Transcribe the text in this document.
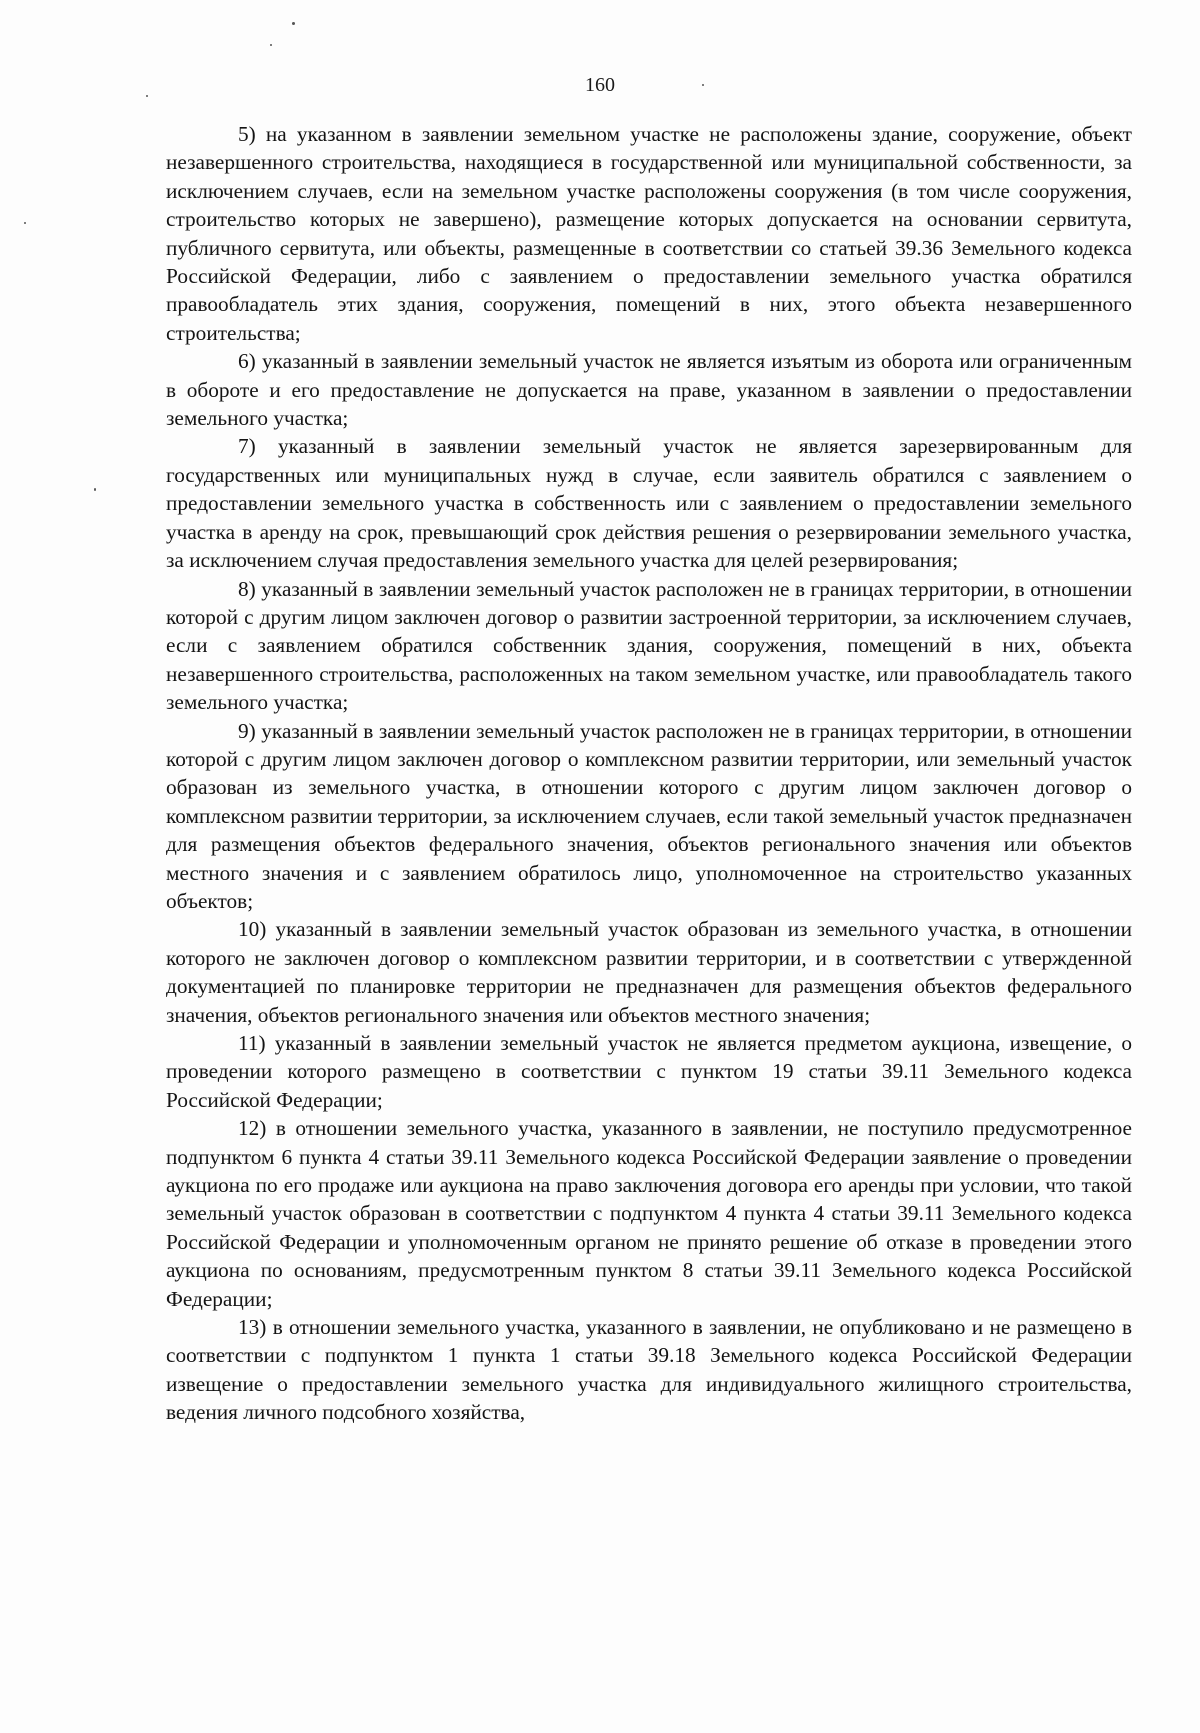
160

5) на указанном в заявлении земельном участке не расположены здание, сооружение, объект незавершенного строительства, находящиеся в государственной или муниципальной собственности, за исключением случаев, если на земельном участке расположены сооружения (в том числе сооружения, строительство которых не завершено), размещение которых допускается на основании сервитута, публичного сервитута, или объекты, размещенные в соответствии со статьей 39.36 Земельного кодекса Российской Федерации, либо с заявлением о предоставлении земельного участка обратился правообладатель этих здания, сооружения, помещений в них, этого объекта незавершенного строительства;

6) указанный в заявлении земельный участок не является изъятым из оборота или ограниченным в обороте и его предоставление не допускается на праве, указанном в заявлении о предоставлении земельного участка;

7) указанный в заявлении земельный участок не является зарезервированным для государственных или муниципальных нужд в случае, если заявитель обратился с заявлением о предоставлении земельного участка в собственность или с заявлением о предоставлении земельного участка в аренду на срок, превышающий срок действия решения о резервировании земельного участка, за исключением случая предоставления земельного участка для целей резервирования;

8) указанный в заявлении земельный участок расположен не в границах территории, в отношении которой с другим лицом заключен договор о развитии застроенной территории, за исключением случаев, если с заявлением обратился собственник здания, сооружения, помещений в них, объекта незавершенного строительства, расположенных на таком земельном участке, или правообладатель такого земельного участка;

9) указанный в заявлении земельный участок расположен не в границах территории, в отношении которой с другим лицом заключен договор о комплексном развитии территории, или земельный участок образован из земельного участка, в отношении которого с другим лицом заключен договор о комплексном развитии территории, за исключением случаев, если такой земельный участок предназначен для размещения объектов федерального значения, объектов регионального значения или объектов местного значения и с заявлением обратилось лицо, уполномоченное на строительство указанных объектов;

10) указанный в заявлении земельный участок образован из земельного участка, в отношении которого не заключен договор о комплексном развитии территории, и в соответствии с утвержденной документацией по планировке территории не предназначен для размещения объектов федерального значения, объектов регионального значения или объектов местного значения;

11) указанный в заявлении земельный участок не является предметом аукциона, извещение, о проведении которого размещено в соответствии с пунктом 19 статьи 39.11 Земельного кодекса Российской Федерации;

12) в отношении земельного участка, указанного в заявлении, не поступило предусмотренное подпунктом 6 пункта 4 статьи 39.11 Земельного кодекса Российской Федерации заявление о проведении аукциона по его продаже или аукциона на право заключения договора его аренды при условии, что такой земельный участок образован в соответствии с подпунктом 4 пункта 4 статьи 39.11 Земельного кодекса Российской Федерации и уполномоченным органом не принято решение об отказе в проведении этого аукциона по основаниям, предусмотренным пунктом 8 статьи 39.11 Земельного кодекса Российской Федерации;

13) в отношении земельного участка, указанного в заявлении, не опубликовано и не размещено в соответствии с подпунктом 1 пункта 1 статьи 39.18 Земельного кодекса Российской Федерации извещение о предоставлении земельного участка для индивидуального жилищного строительства, ведения личного подсобного хозяйства,
